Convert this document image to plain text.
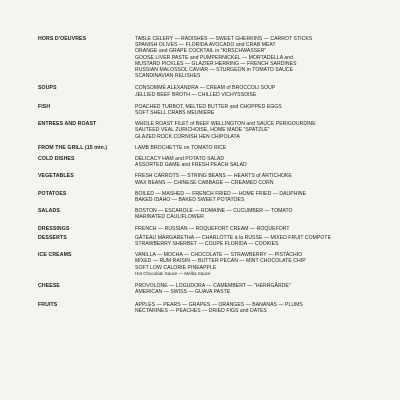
HORS D'OEUVRES	TABLE CELERY — RADISHES — SWEET GHERKINS — CARROT STICKS
SPANISH OLIVES — FLORIDA AVOCADO and CRAB MEAT
ORANGE and GRAPE COCKTAIL in "KIRSCHWASSER"
GOOSE LIVER PASTE and PUMPERNICKEL — MORTADELLA and
MUSTARD PICKLES — GLAZIER HERRING — FRENCH SARDINES
RUSSIAN MALOSSOL CAVIAR — STURGEON in TOMATO SAUCE
SCANDINAVIAN RELISHES
SOUPS	CONSOMMÉ ALEXANDRA — CREAM of BROCCOLI SOUP
JELLIED BEEF BROTH — CHILLED VICHYSSOISE
FISH	POACHED TURBOT, MELTED BUTTER and CHOPPED EGGS
SOFT SHELL CRABS MEUNIÈRE
ENTREES AND ROAST	WHOLE ROAST FILET of BEEF WELLINGTON and SAUCE PERIGOURDINE
SAUTEED VEAL ZURICHOISE, HOME MADE "SPATZLE"
GLAZED ROCK CORNISH HEN CHIPOLATA
FROM THE GRILL (15 min.)	LAMB BROCHETTE on TOMATO RICE
COLD DISHES	DELICACY HAM and POTATO SALAD
ASSORTED GAME and FRESH PEACH SALAD
VEGETABLES	FRESH CARROTS — STRING BEANS — HEARTS of ARTICHOKE
WAX BEANS — CHINESE CABBAGE — CREAMED CORN
POTATOES	BOILED — MASHED — FRENCH FRIED — HOME FRIED — DAUPHINE
BAKED IDAHO — BAKED SWEET POTATOES
SALADS	BOSTON — ESCAROLE — ROMAINE — CUCUMBER — TOMATO
MARINATED CAULIFLOWER
DRESSINGS	FRENCH — RUSSIAN — ROQUEFORT CREAM — ROQUEFORT
DESSERTS	GÂTEAU MARGARETHA — CHARLOTTE à la RUSSE — MIXED FRUIT COMPOTE
STRAWBERRY SHERBET — COUPE FLORIDA — COOKIES
ICE CREAMS	VANILLA — MOCHA — CHOCOLATE — STRAWBERRY — PISTACHIO
MIXED — RUM RAISIN — BUTTER PECAN — MINT CHOCOLATE CHIP
SOFT LOW CALORIE PINEAPPLE
Hot Chocolate Sauce — Melba Sauce
CHEESE	PROVOLONE — LOGUDORA — CAMEMBERT — "HERRGÅRDE"
AMERICAN — SWISS — GUAVA PASTE
FRUITS	APPLES — PEARS — GRAPES — ORANGES — BANANAS — PLUMS
NECTARINES — PEACHES — DRIED FIGS and DATES
